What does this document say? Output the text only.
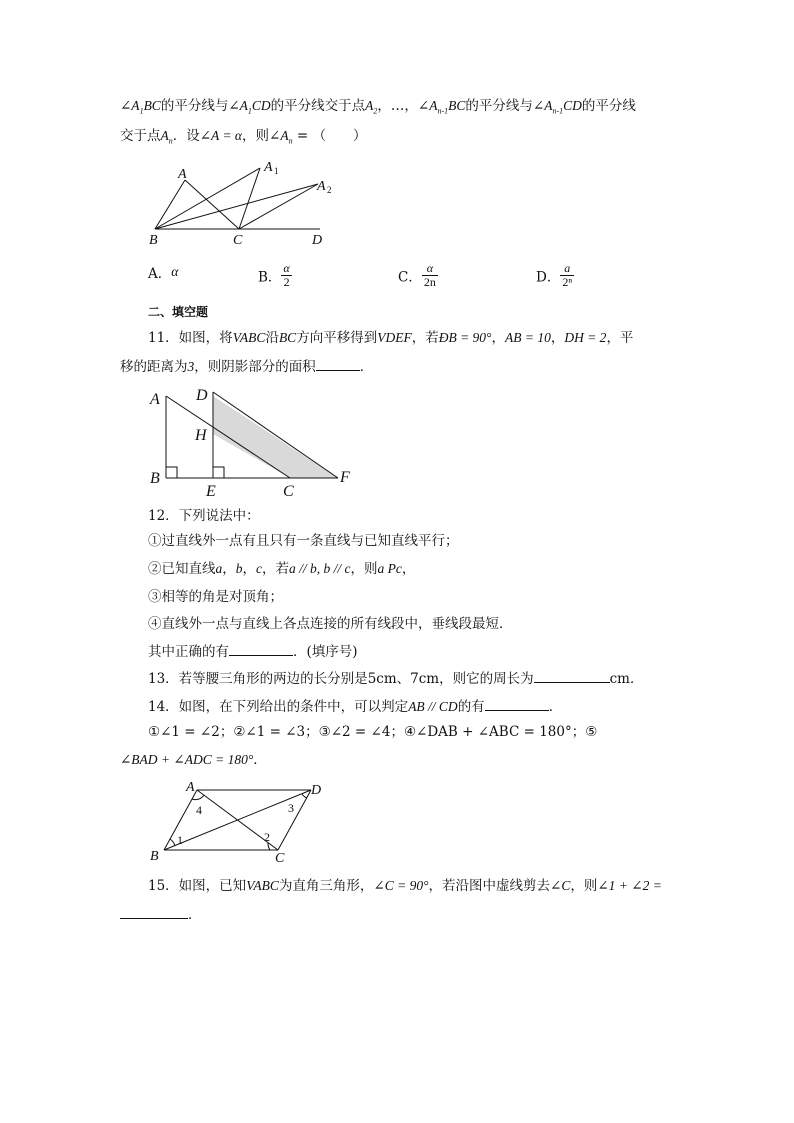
$\angle A_1BC$的平分线与$\angle A_1CD$的平分线交于点$A_2$，…，$\angle A_{n-1}BC$的平分线与$\angle A_{n-1}CD$的平分线
交于点$A_n$．设∠A = α，则$\angle A_n$ = （　　）
A	A 1
A 2
B	C	D
A．α	B． $\frac{\alpha}{2}$	C． $\frac{\alpha}{2n}$	D． $\frac{a}{\text{2ⁿ}}$
二、填空题
11．如图，将VABC沿BC方向平移得到VDEF，若ÐB = 90°，AB = 10，DH = 2，平
移的距离为3，则阴影部分的面积	．
A D
H
B
E	C
F
12．下列说法中：
①过直线外一点有且只有一条直线与已知直线平行；
②已知直线a，b，c，若a // b, b // c，则a Pc，
③相等的角是对顶角；
④直线外一点与直线上各点连接的所有线段中，垂线段最短．
其中正确的有	．(填序号)
13．若等腰三角形的两边的长分别是5cm、7cm，则它的周长为	cm．
14．如图，在下列给出的条件中，可以判定AB // CD的有	．
①∠1 = ∠2；②∠1 = ∠3；③∠2 = ∠4；④∠DAB + ∠ABC = 180°；⑤
∠BAD + ∠ADC = 180°．
A	D
B	C
4
1	2
3
15．如图，已知VABC为直角三角形，∠C = 90°，若沿图中虚线剪去∠C，则∠1 + ∠2 =
．
